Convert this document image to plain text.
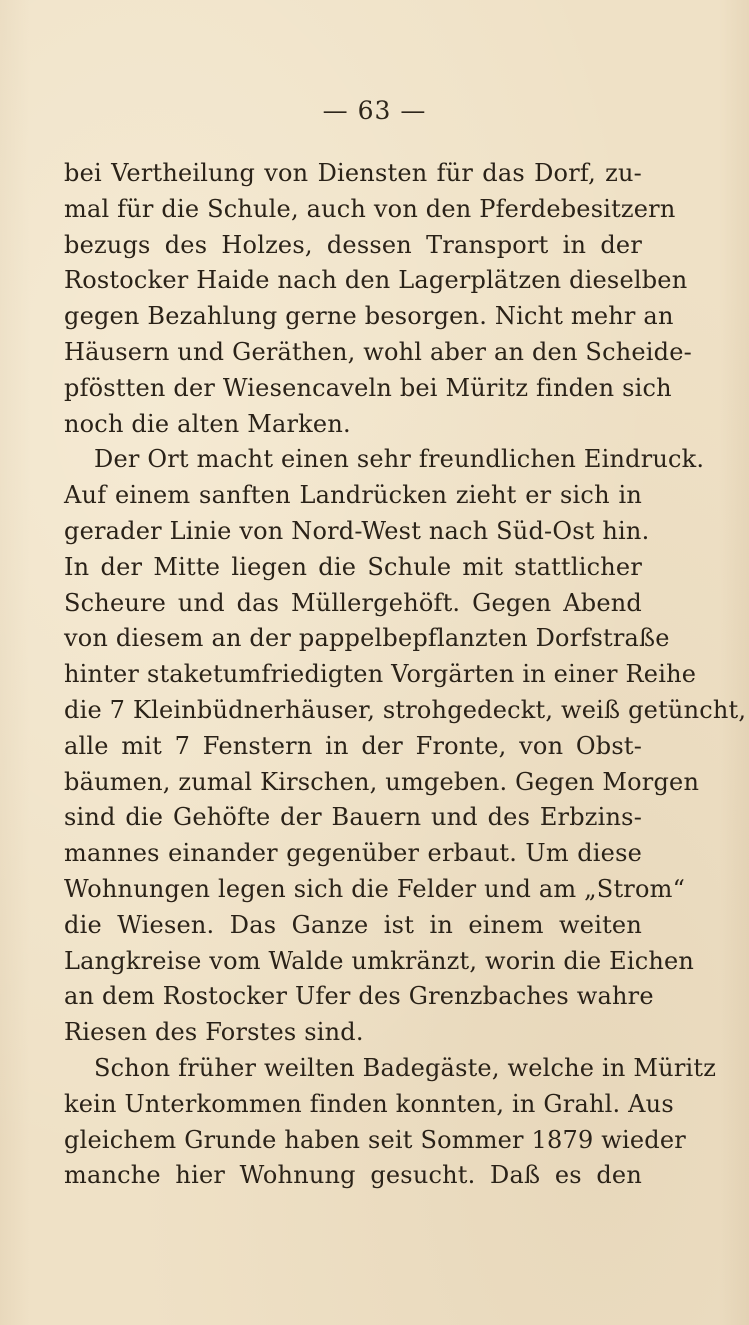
— 63 —
bei Vertheilung von Diensten für das Dorf, zu-
mal für die Schule, auch von den Pferdebesitzern
bezugs des Holzes, dessen Transport in der
Rostocker Haide nach den Lagerplätzen dieselben
gegen Bezahlung gerne besorgen. Nicht mehr an
Häusern und Geräthen, wohl aber an den Scheide-
pföstten der Wiesencaveln bei Müritz finden sich
noch die alten Marken.
Der Ort macht einen sehr freundlichen Eindruck.
Auf einem sanften Landrücken zieht er sich in
gerader Linie von Nord-West nach Süd-Ost hin.
In der Mitte liegen die Schule mit stattlicher
Scheure und das Müllergehöft. Gegen Abend
von diesem an der pappelbepflanzten Dorfstraße
hinter staketumfriedigten Vorgärten in einer Reihe
die 7 Kleinbüdnerhäuser, strohgedeckt, weiß getüncht,
alle mit 7 Fenstern in der Fronte, von Obst-
bäumen, zumal Kirschen, umgeben. Gegen Morgen
sind die Gehöfte der Bauern und des Erbzins-
mannes einander gegenüber erbaut. Um diese
Wohnungen legen sich die Felder und am „Strom“
die Wiesen. Das Ganze ist in einem weiten
Langkreise vom Walde umkränzt, worin die Eichen
an dem Rostocker Ufer des Grenzbaches wahre
Riesen des Forstes sind.
Schon früher weilten Badegäste, welche in Müritz
kein Unterkommen finden konnten, in Grahl. Aus
gleichem Grunde haben seit Sommer 1879 wieder
manche hier Wohnung gesucht. Daß es den
